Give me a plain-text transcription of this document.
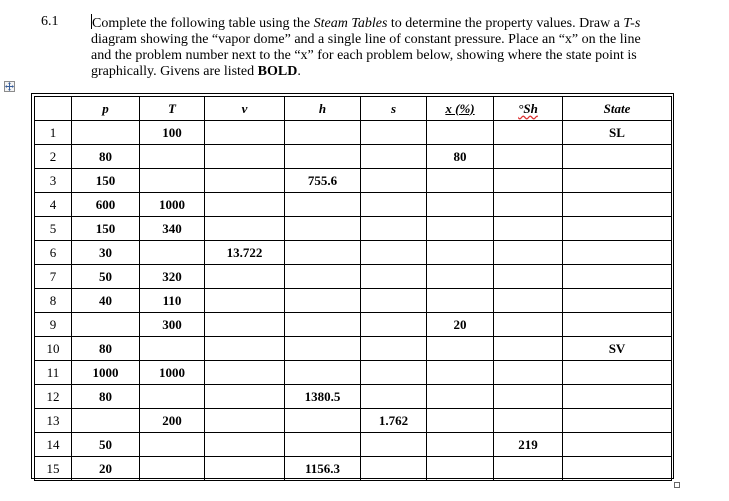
6.1 Complete the following table using the Steam Tables to determine the property values. Draw a T-s diagram showing the “vapor dome” and a single line of constant pressure. Place an “x” on the line and the problem number next to the “x” for each problem below, showing where the state point is graphically. Givens are listed BOLD.
	p	T	v	h	s	x (%)	°Sh	State
1		100						SL
2	80					80		
3	150			755.6				
4	600	1000						
5	150	340						
6	30		13.722					
7	50	320						
8	40	110						
9		300				20		
10	80							SV
11	1000	1000						
12	80			1380.5				
13		200			1.762			
14	50						219	
15	20			1156.3				
